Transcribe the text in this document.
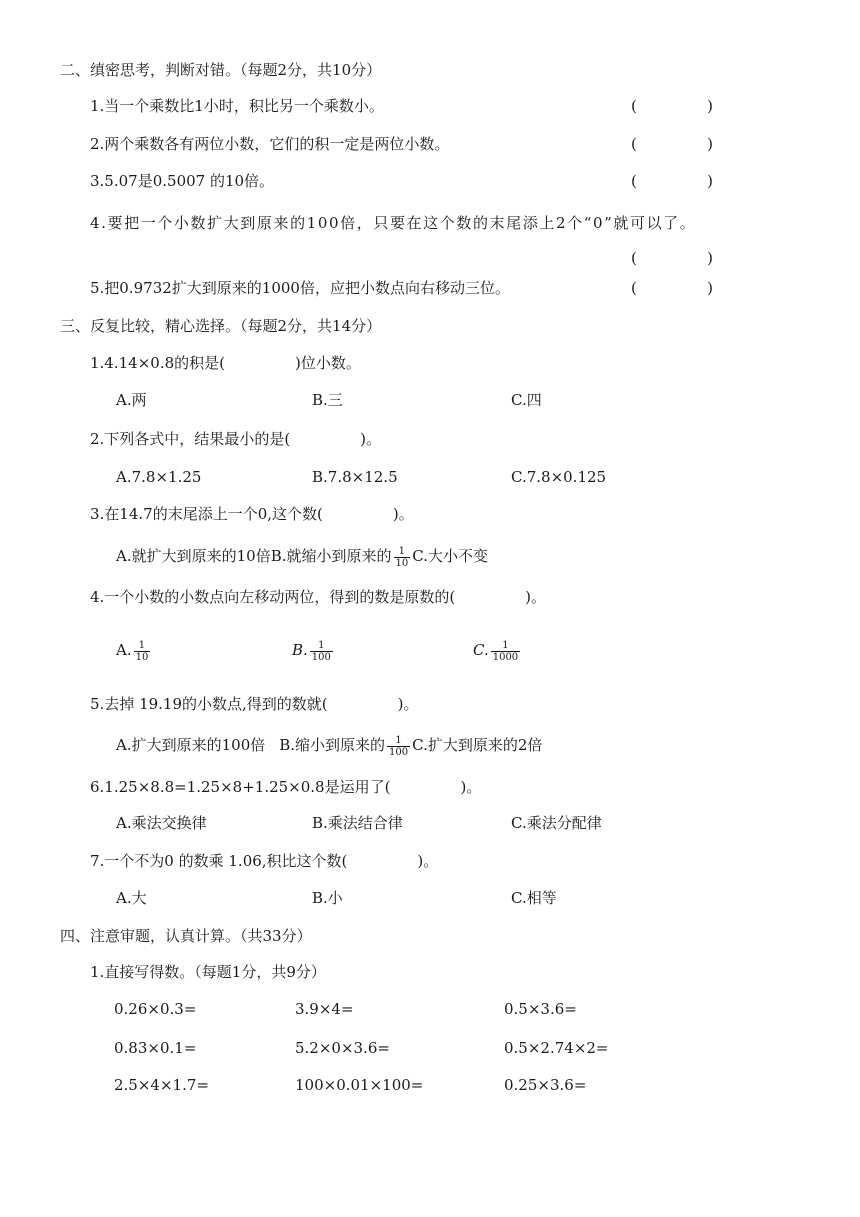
二、缜密思考，判断对错。（每题2分，共10分）
1.当一个乘数比1小时，积比另一个乘数小。	(	)
2.两个乘数各有两位小数，它们的积一定是两位小数。	(	)
3.5.07是0.5007 的10倍。	(	)
4.要把一个小数扩大到原来的100倍，只要在这个数的末尾添上2个“0”就可以了。
(	)
5.把0.9732扩大到原来的1000倍，应把小数点向右移动三位。	(	)
三、反复比较，精心选择。（每题2分，共14分）
1.4.14×0.8的积是(	)位小数。
A.两	B.三	C.四
2.下列各式中，结果最小的是(	)。
A.7.8×1.25	B.7.8×12.5	C.7.8×0.125
3.在14.7的末尾添上一个0,这个数(	)。
A.就扩大到原来的10倍B.就缩小到原来的 $\frac{1}{10} C$.大小不变
4.一个小数的小数点向左移动两位，得到的数是原数的(	)。
A. $\frac{1}{10}$	B. $\frac{1}{100}$	C. $\frac{1}{1000}$
5.去掉 19.19的小数点,得到的数就(	)。
A.扩大到原来的100倍 B.缩小到原来的 $\frac{1}{100} C$.扩大到原来的2倍
6.1.25×8.8=1.25×8+1.25×0.8是运用了(	)。
A.乘法交换律	B.乘法结合律	C.乘法分配律
7.一个不为0 的数乘 1.06,积比这个数(	)。
A.大	B.小	C.相等
四、注意审题，认真计算。（共33分）
1.直接写得数。（每题1分，共9分）
0.26×0.3=	3.9×4=	0.5×3.6=
0.83×0.1=	5.2×0×3.6=	0.5×2.74×2=
2.5×4×1.7=	100×0.01×100=	0.25×3.6=
